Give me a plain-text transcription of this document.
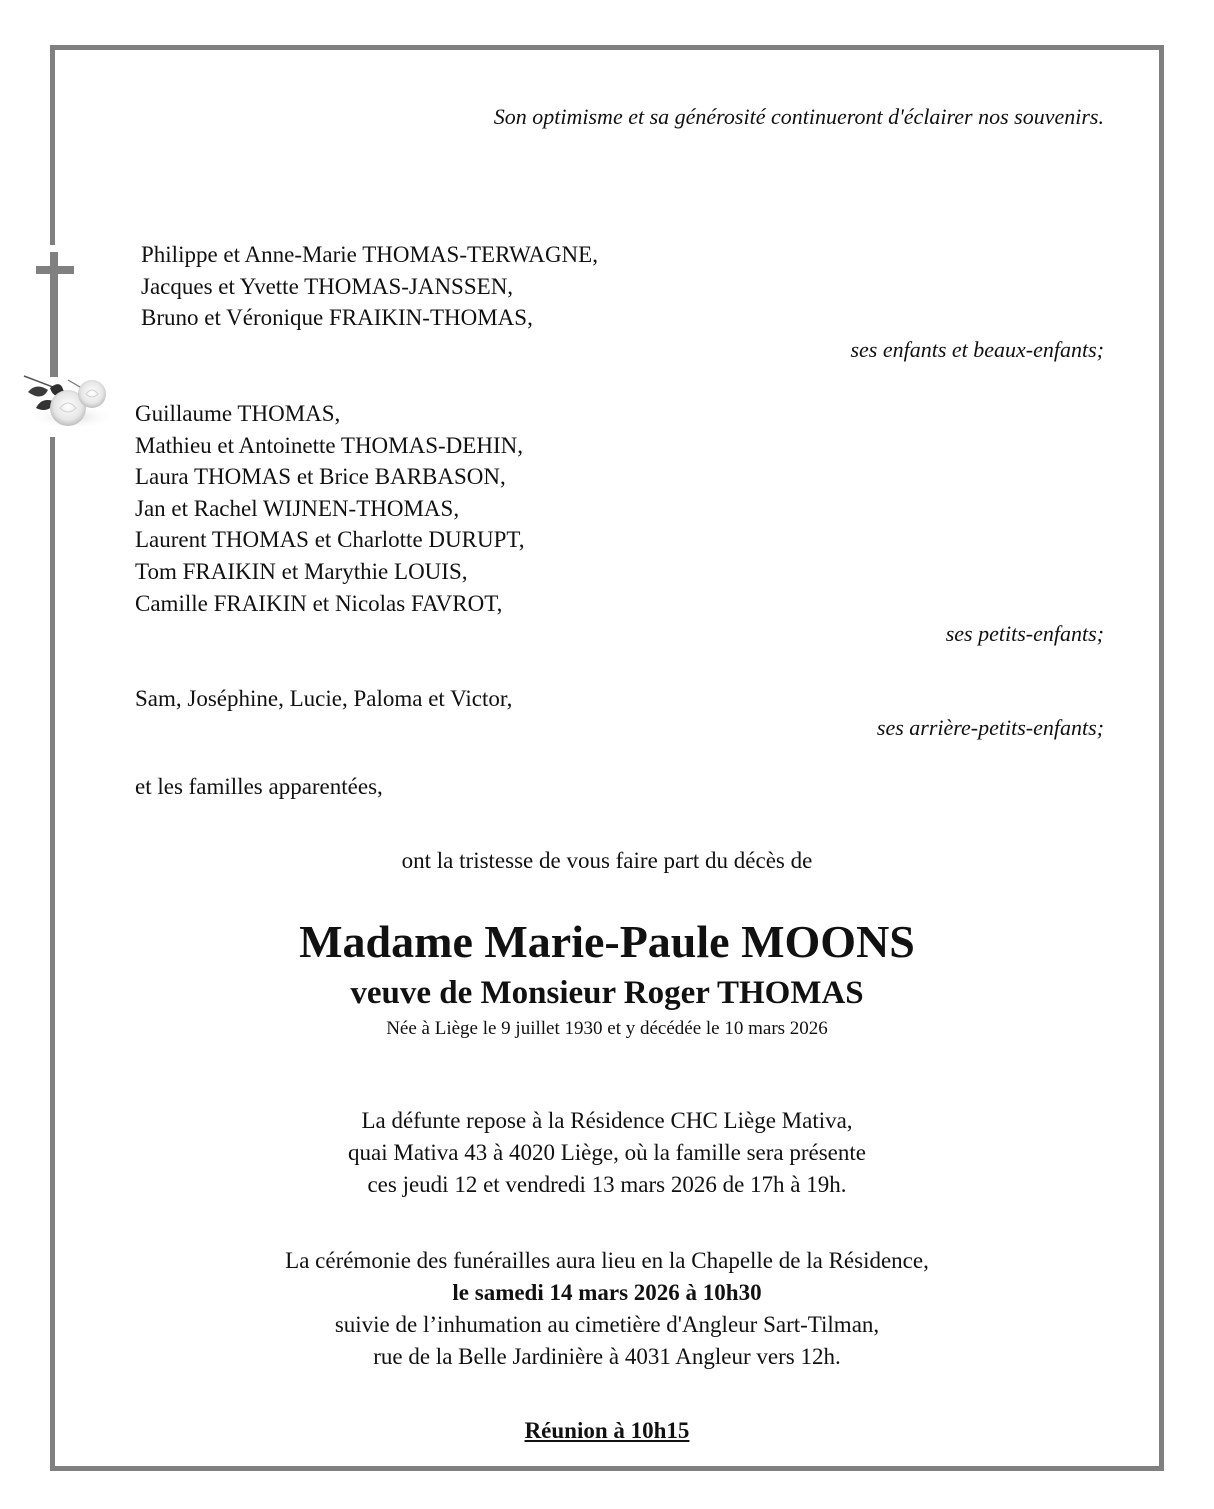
Son optimisme et sa générosité continueront d'éclairer nos souvenirs.
Philippe et Anne-Marie THOMAS-TERWAGNE,
Jacques et Yvette THOMAS-JANSSEN,
Bruno et Véronique FRAIKIN-THOMAS,
ses enfants et beaux-enfants;
Guillaume THOMAS,
Mathieu et Antoinette THOMAS-DEHIN,
Laura THOMAS et Brice BARBASON,
Jan et Rachel WIJNEN-THOMAS,
Laurent THOMAS et Charlotte DURUPT,
Tom FRAIKIN et Marythie LOUIS,
Camille FRAIKIN et Nicolas FAVROT,
ses petits-enfants;
Sam, Joséphine, Lucie, Paloma et Victor,
ses arrière-petits-enfants;
et les familles apparentées,
ont la tristesse de vous faire part du décès de
Madame Marie-Paule MOONS
veuve de Monsieur Roger THOMAS
Née à Liège le 9 juillet 1930 et y décédée le 10 mars 2026
La défunte repose à la Résidence CHC Liège Mativa,
quai Mativa 43 à 4020 Liège, où la famille sera présente
ces jeudi 12 et vendredi 13 mars 2026 de 17h à 19h.
La cérémonie des funérailles aura lieu en la Chapelle de la Résidence,
le samedi 14 mars 2026 à 10h30
suivie de l’inhumation au cimetière d'Angleur Sart-Tilman,
rue de la Belle Jardinière à 4031 Angleur vers 12h.
Réunion à 10h15
